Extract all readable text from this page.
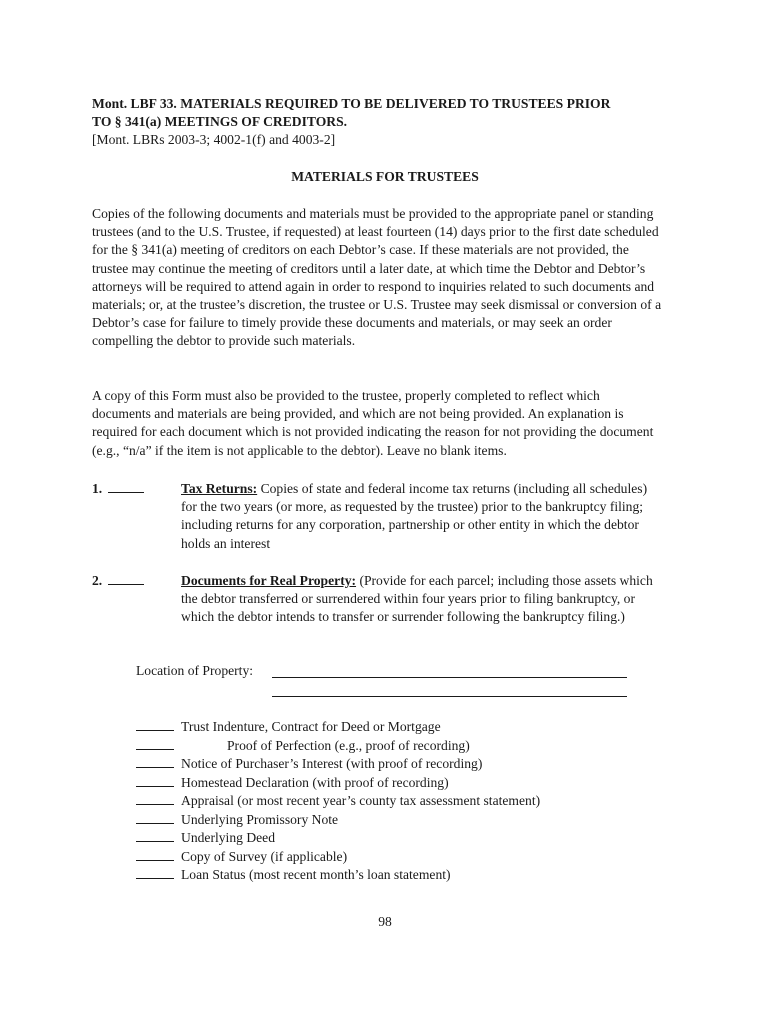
Mont. LBF 33. MATERIALS REQUIRED TO BE DELIVERED TO TRUSTEES PRIOR
TO § 341(a) MEETINGS OF CREDITORS.
[Mont. LBRs 2003-3; 4002-1(f) and 4003-2]
MATERIALS FOR TRUSTEES
Copies of the following documents and materials must be provided to the appropriate panel or standing trustees (and to the U.S. Trustee, if requested) at least fourteen (14) days prior to the first date scheduled for the § 341(a) meeting of creditors on each Debtor’s case. If these materials are not provided, the trustee may continue the meeting of creditors until a later date, at which time the Debtor and Debtor’s attorneys will be required to attend again in order to respond to inquiries related to such documents and materials; or, at the trustee’s discretion, the trustee or U.S. Trustee may seek dismissal or conversion of a Debtor’s case for failure to timely provide these documents and materials, or may seek an order compelling the debtor to provide such materials.
A copy of this Form must also be provided to the trustee, properly completed to reflect which documents and materials are being provided, and which are not being provided. An explanation is required for each document which is not provided indicating the reason for not providing the document (e.g., “n/a” if the item is not applicable to the debtor). Leave no blank items.
1.	Tax Returns: Copies of state and federal income tax returns (including all schedules) for the two years (or more, as requested by the trustee) prior to the bankruptcy filing; including returns for any corporation, partnership or other entity in which the debtor holds an interest
2.	Documents for Real Property: (Provide for each parcel; including those assets which the debtor transferred or surrendered within four years prior to filing bankruptcy, or which the debtor intends to transfer or surrender following the bankruptcy filing.)
Location of Property:
Trust Indenture, Contract for Deed or Mortgage
Proof of Perfection (e.g., proof of recording)
Notice of Purchaser’s Interest (with proof of recording)
Homestead Declaration (with proof of recording)
Appraisal (or most recent year’s county tax assessment statement)
Underlying Promissory Note
Underlying Deed
Copy of Survey (if applicable)
Loan Status (most recent month’s loan statement)
98
